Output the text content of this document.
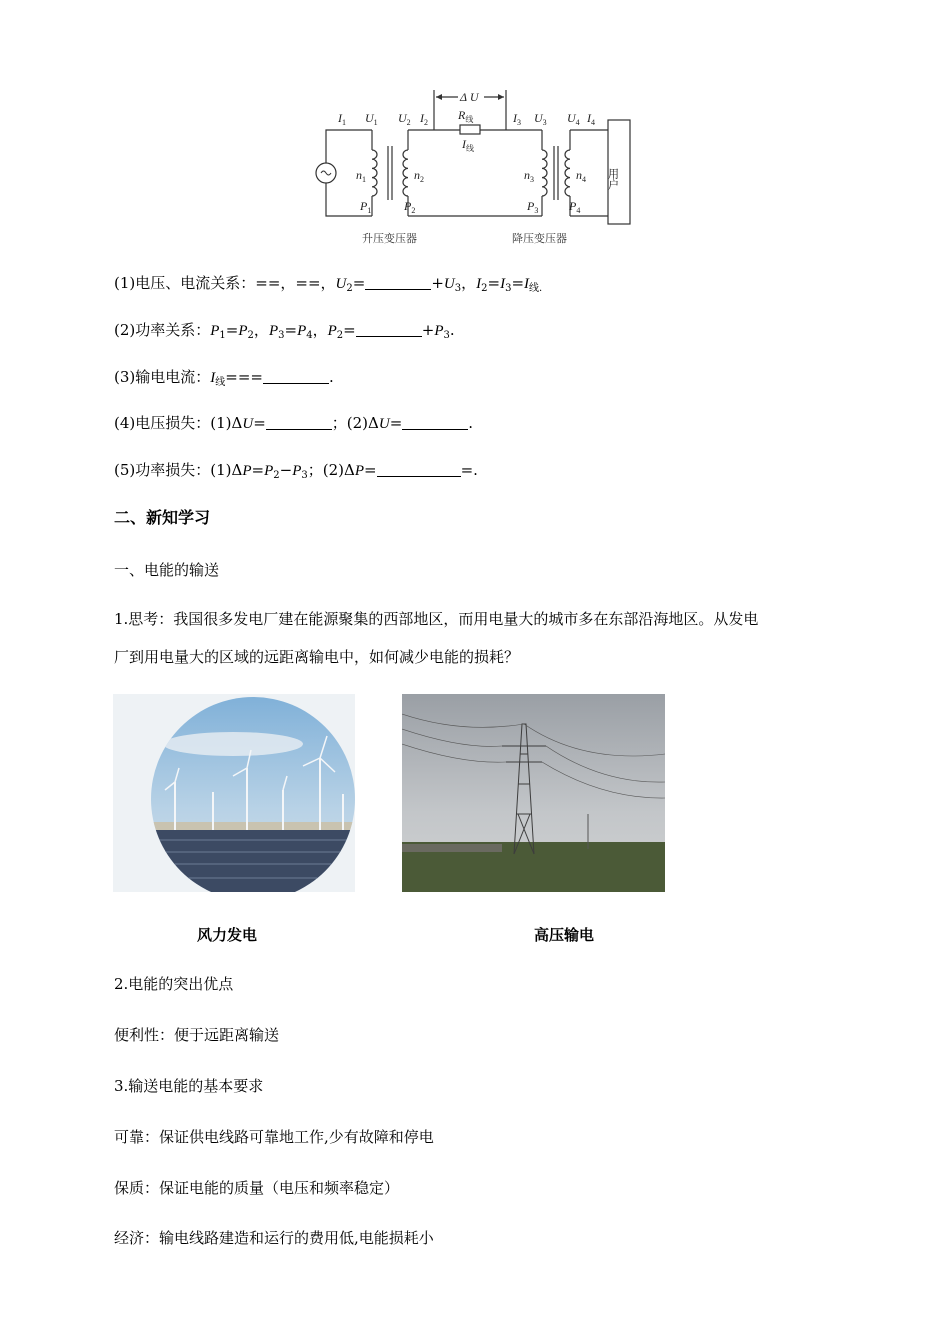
Δ U
$I_1$ $U_1$ $U_2$ $I_2$
$R_线$
$I_线$
$I_3$ $U_3$ $U_4$ $I_4$
$n_1$	$n_2$	$n_3$	$n_4$
$P_1$	$P_2$	$P_3$	$P_4$
用户
升压变压器	降压变压器
(1)电压、电流关系：==，==，$U_2=$	$+U_3$，$I_2=I_3=I_{线.}$
(2)功率关系：$P_1=P_2$，$P_3=P_4$，$P_2=$	$+P_3$.
(3)输电电流：$I_线===$	.
(4)电压损失：(1)ΔU=	；(2)ΔU=	.
(5)功率损失：$(1)\Delta P=P_2-P_3$；(2)ΔP=	=.
二、新知学习
一、电能的输送
1.思考：我国很多发电厂建在能源聚集的西部地区，而用电量大的城市多在东部沿海地区。从发电
厂到用电量大的区域的远距离输电中，如何减少电能的损耗？
风力发电	高压输电
2.电能的突出优点
便利性：便于远距离输送
3.输送电能的基本要求
可靠：保证供电线路可靠地工作,少有故障和停电
保质：保证电能的质量（电压和频率稳定）
经济：输电线路建造和运行的费用低,电能损耗小
